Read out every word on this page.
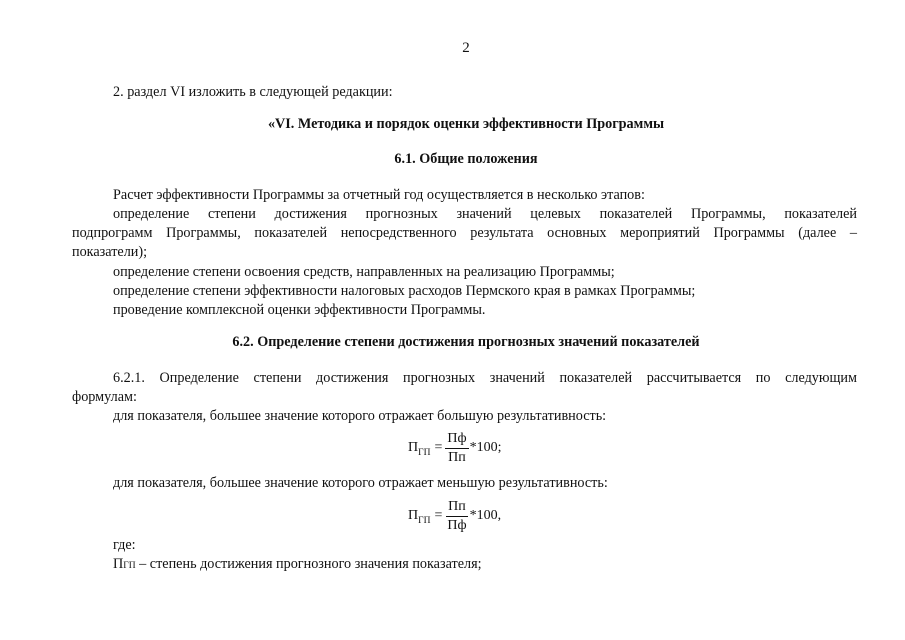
2
2. раздел VI изложить в следующей редакции:
«VI. Методика и порядок оценки эффективности Программы
6.1. Общие положения
Расчет эффективности Программы за отчетный год осуществляется в несколько этапов:
определение степени достижения прогнозных значений целевых показателей Программы, показателей
подпрограмм Программы, показателей непосредственного результата основных мероприятий Программы (далее –
показатели);
определение степени освоения средств, направленных на реализацию Программы;
определение степени эффективности налоговых расходов Пермского края в рамках Программы;
проведение комплексной оценки эффективности Программы.
6.2. Определение степени достижения прогнозных значений показателей
6.2.1. Определение степени достижения прогнозных значений показателей рассчитывается по следующим
формулам:
для показателя, большее значение которого отражает большую результативность:
П ГП = $\frac{Пф}{Пп} *100$;
для показателя, большее значение которого отражает меньшую результативность:
П ГП = $\frac{Пп}{Пф} *100$,
где:
ПГП – степень достижения прогнозного значения показателя;
